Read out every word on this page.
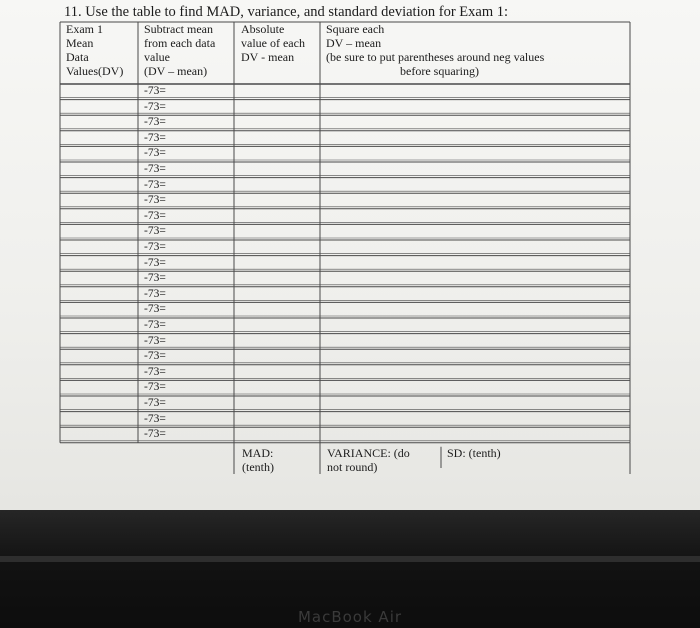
11. Use the table to find MAD, variance, and standard deviation for Exam 1:
Exam 1
Mean
Data
Values(DV)
Subtract mean
from each data
value
(DV – mean)
Absolute
value of each
DV - mean
Square each
DV – mean
(be sure to put parentheses around neg values
before squaring)
-73=
-73=
-73=
-73=
-73=
-73=
-73=
-73=
-73=
-73=
-73=
-73=
-73=
-73=
-73=
-73=
-73=
-73=
-73=
-73=
-73=
-73=
-73=
MAD:
(tenth)
VARIANCE: (do
not round)
SD: (tenth)
MacBook Air
